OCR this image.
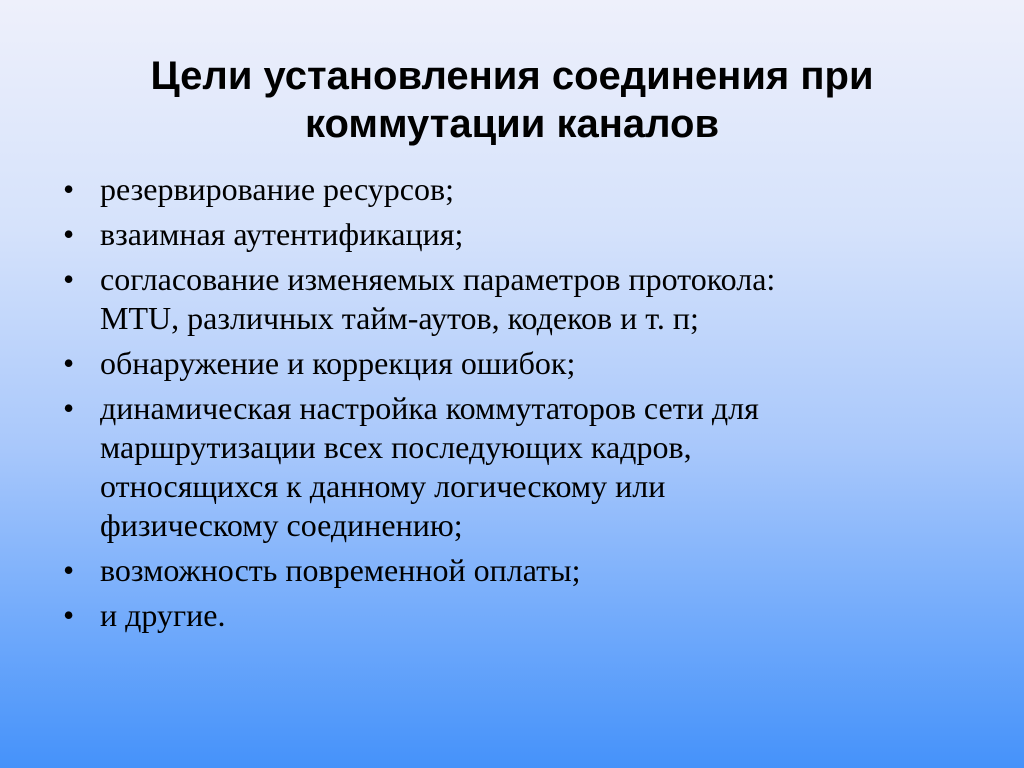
Цели установления соединения при
коммутации каналов
• резервирование ресурсов;
• взаимная аутентификация;
• согласование изменяемых параметров протокола:
MTU, различных тайм-аутов, кодеков и т. п;
• обнаружение и коррекция ошибок;
• динамическая настройка коммутаторов сети для
маршрутизации всех последующих кадров,
относящихся к данному логическому или
физическому соединению;
• возможность повременной оплаты;
• и другие.
